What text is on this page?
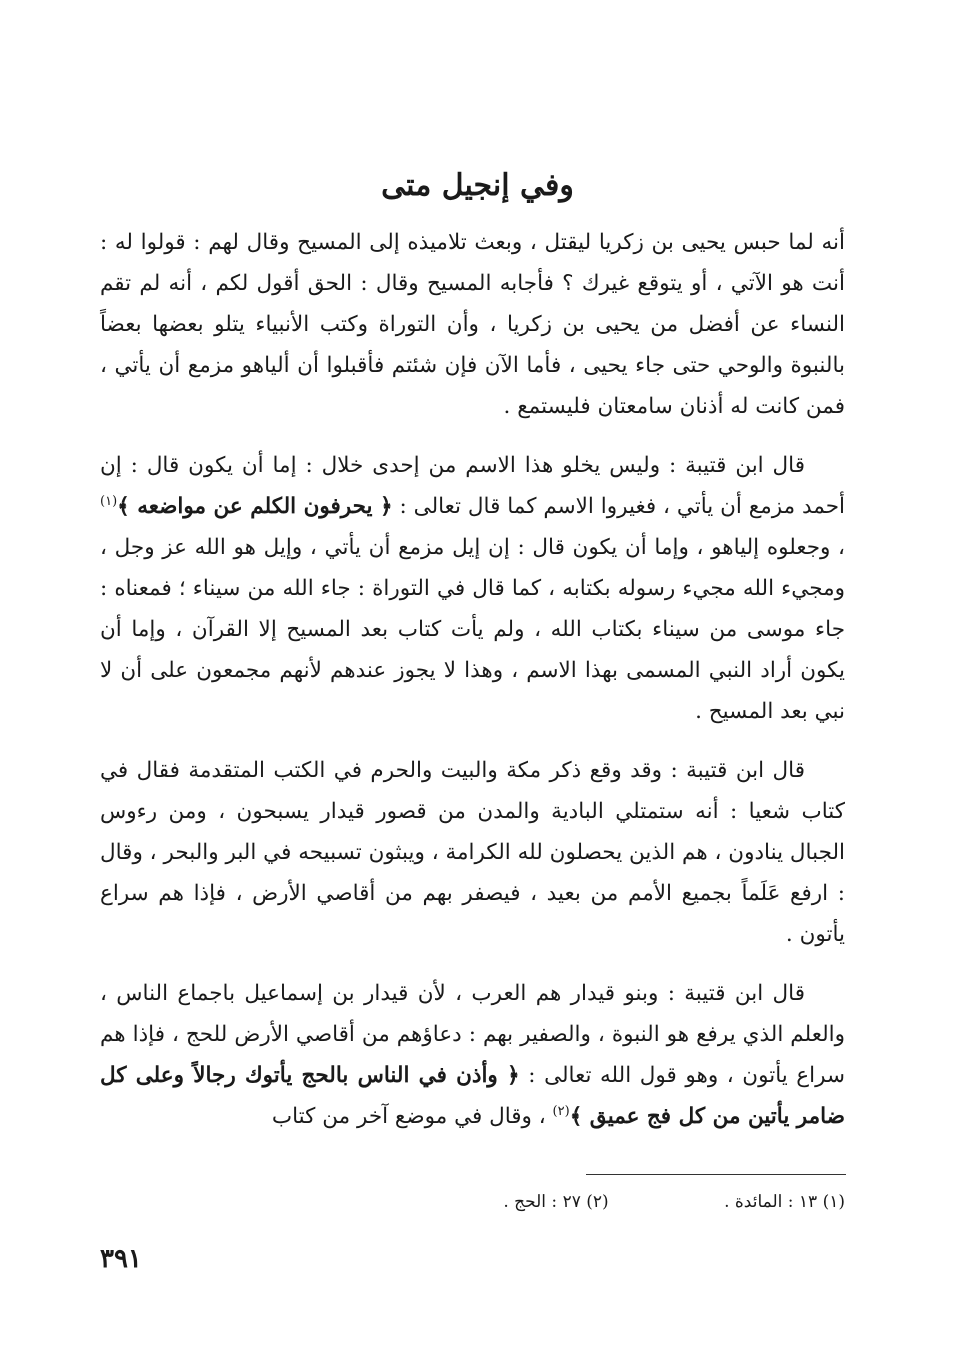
وفي إنجيل متى

أنه لما حبس يحيى بن زكريا ليقتل ، وبعث تلاميذه إلى المسيح وقال لهم : قولوا له : أنت هو الآتي ، أو يتوقع غيرك ؟ فأجابه المسيح وقال : الحق أقول لكم ، أنه لم تقم النساء عن أفضل من يحيى بن زكريا ، وأن التوراة وكتب الأنبياء يتلو بعضها بعضاً بالنبوة والوحي حتى جاء يحيى ، فأما الآن فإن شئتم فأقبلوا أن ألياهو مزمع أن يأتي ، فمن كانت له أذنان سامعتان فليستمع .

قال ابن قتيبة : وليس يخلو هذا الاسم من إحدى خلال : إما أن يكون قال : إن أحمد مزمع أن يأتي ، فغيروا الاسم كما قال تعالى : ﴿ يحرفون الكلم عن مواضعه ﴾$^{(١)}$ ، وجعلوه إلياهو ، وإما أن يكون قال : إن إيل مزمع أن يأتي ، وإيل هو الله عز وجل ، ومجيء الله مجيء رسوله بكتابه ، كما قال في التوراة : جاء الله من سيناء ؛ فمعناه : جاء موسى من سيناء بكتاب الله ، ولم يأت كتاب بعد المسيح إلا القرآن ، وإما أن يكون أراد النبي المسمى بهذا الاسم ، وهذا لا يجوز عندهم لأنهم مجمعون على أن لا نبي بعد المسيح .

قال ابن قتيبة : وقد وقع ذكر مكة والبيت والحرم في الكتب المتقدمة فقال في كتاب شعيا : أنه ستمتلي البادية والمدن من قصور قيدار يسبحون ، ومن رءوس الجبال ينادون ، هم الذين يحصلون لله الكرامة ، ويبثون تسبيحه في البر والبحر ، وقال : ارفع عَلَماً بجميع الأمم من بعيد ، فيصفر بهم من أقاصي الأرض ، فإذا هم سراع يأتون .

قال ابن قتيبة : وبنو قيدار هم العرب ، لأن قيدار بن إسماعيل باجماع الناس ، والعلم الذي يرفع هو النبوة ، والصفير بهم : دعاؤهم من أقاصي الأرض للحج ، فإذا هم سراع يأتون ، وهو قول الله تعالى : ﴿ وأذن في الناس بالحج يأتوك رجالاً وعلى كل ضامر يأتين من كل فج عميق ﴾$^{(٢)}$ ، وقال في موضع آخر من كتاب

(١) ١٣ : المائدة . (٢) ٢٧ : الحج .
٣٩١
